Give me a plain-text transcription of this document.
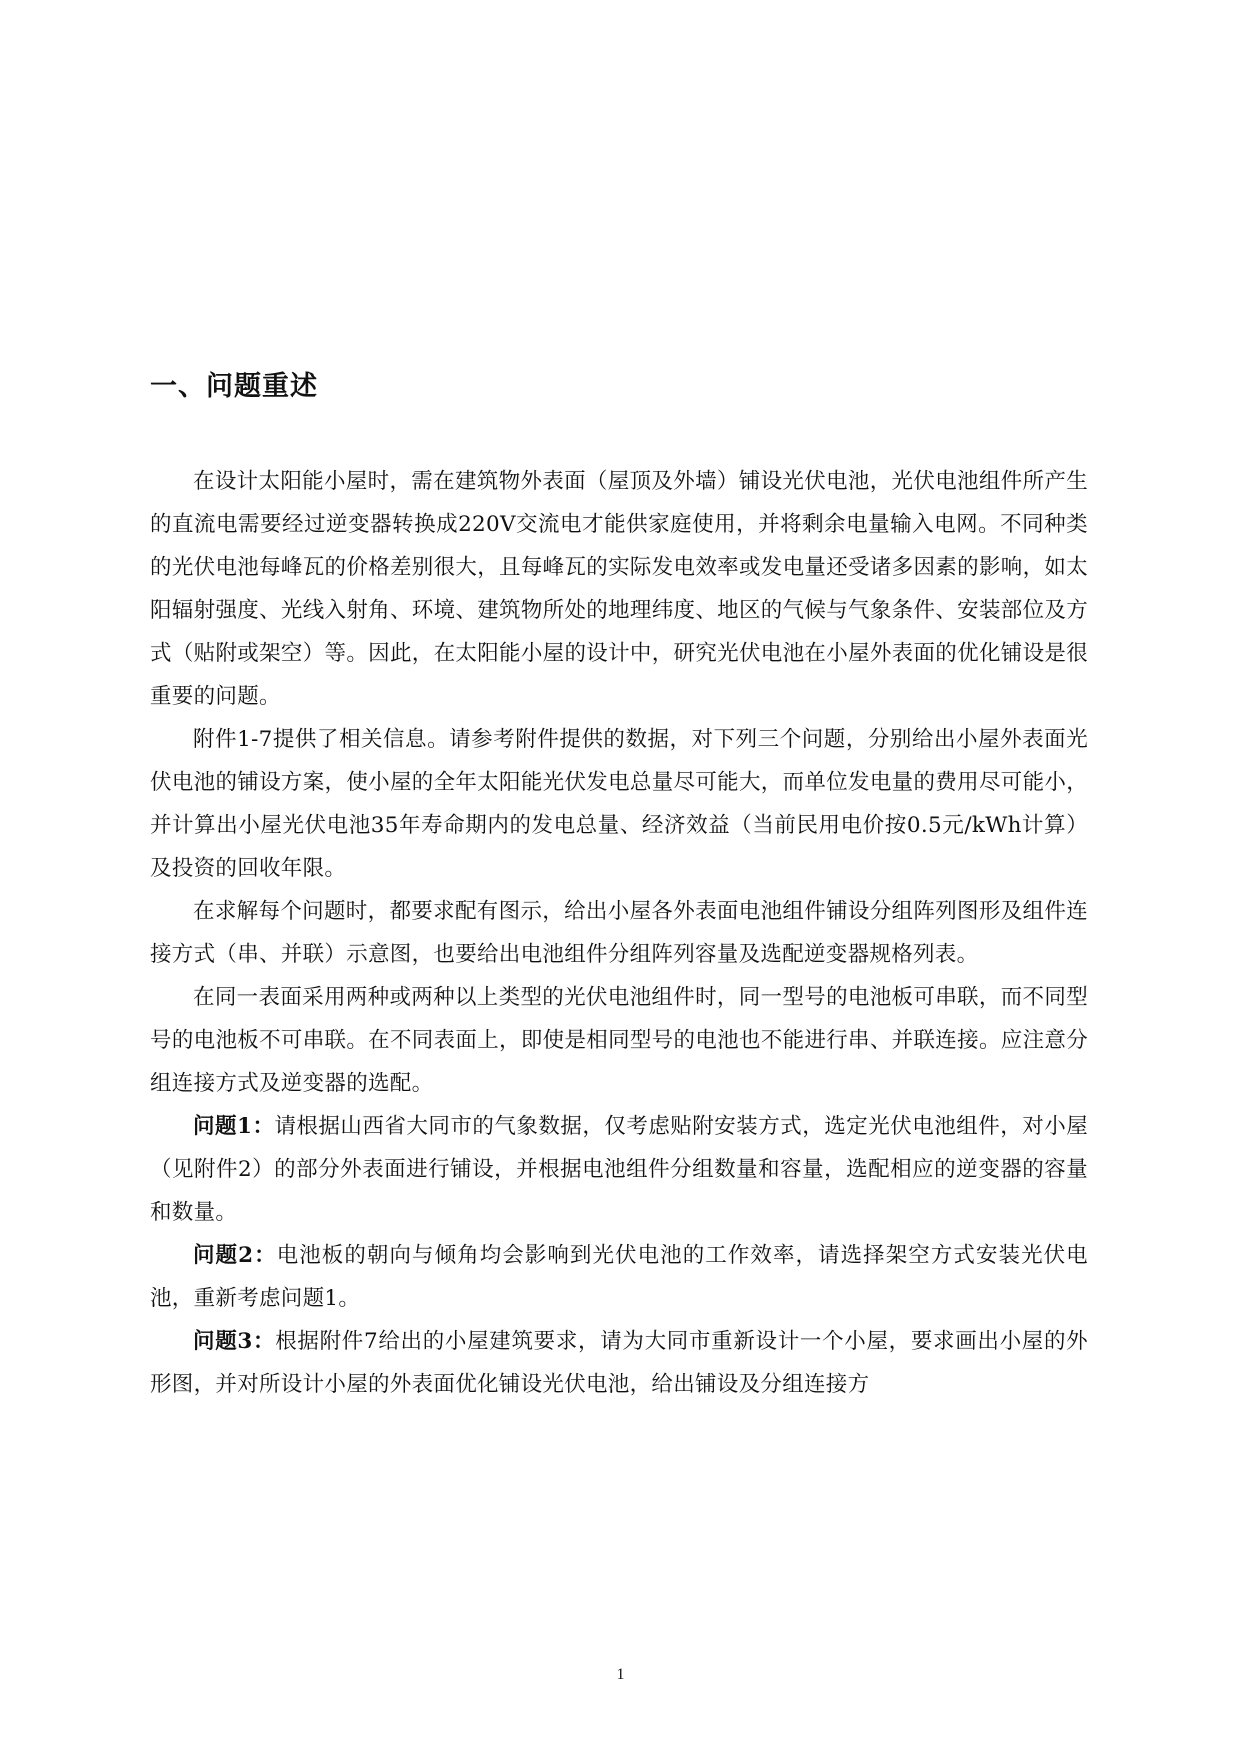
一、问题重述

在设计太阳能小屋时，需在建筑物外表面（屋顶及外墙）铺设光伏电池，光伏电池组件所产生的直流电需要经过逆变器转换成220V交流电才能供家庭使用，并将剩余电量输入电网。不同种类的光伏电池每峰瓦的价格差别很大，且每峰瓦的实际发电效率或发电量还受诸多因素的影响，如太阳辐射强度、光线入射角、环境、建筑物所处的地理纬度、地区的气候与气象条件、安装部位及方式（贴附或架空）等。因此，在太阳能小屋的设计中，研究光伏电池在小屋外表面的优化铺设是很重要的问题。

附件1-7提供了相关信息。请参考附件提供的数据，对下列三个问题，分别给出小屋外表面光伏电池的铺设方案，使小屋的全年太阳能光伏发电总量尽可能大，而单位发电量的费用尽可能小，并计算出小屋光伏电池35年寿命期内的发电总量、经济效益（当前民用电价按0.5元/kWh计算）及投资的回收年限。

在求解每个问题时，都要求配有图示，给出小屋各外表面电池组件铺设分组阵列图形及组件连接方式（串、并联）示意图，也要给出电池组件分组阵列容量及选配逆变器规格列表。

在同一表面采用两种或两种以上类型的光伏电池组件时，同一型号的电池板可串联，而不同型号的电池板不可串联。在不同表面上，即使是相同型号的电池也不能进行串、并联连接。应注意分组连接方式及逆变器的选配。

问题1：请根据山西省大同市的气象数据，仅考虑贴附安装方式，选定光伏电池组件，对小屋（见附件2）的部分外表面进行铺设，并根据电池组件分组数量和容量，选配相应的逆变器的容量和数量。

问题2：电池板的朝向与倾角均会影响到光伏电池的工作效率，请选择架空方式安装光伏电池，重新考虑问题1。

问题3：根据附件7给出的小屋建筑要求，请为大同市重新设计一个小屋，要求画出小屋的外形图，并对所设计小屋的外表面优化铺设光伏电池，给出铺设及分组连接方

1
